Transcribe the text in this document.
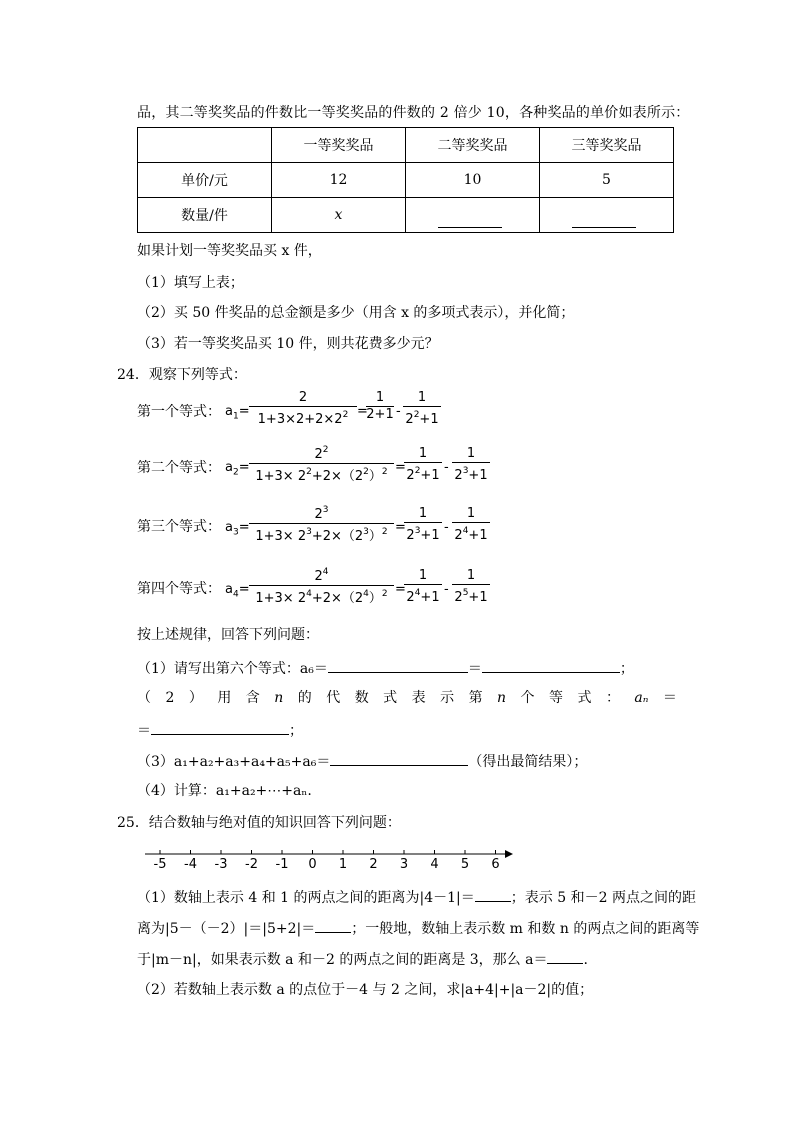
品，其二等奖奖品的件数比一等奖奖品的件数的 2 倍少 10，各种奖品的单价如表所示：
	一等奖奖品	二等奖奖品	三等奖奖品
单价/元	12	10	5
数量/件	x		
如果计划一等奖奖品买 x 件，
（1）填写上表；
（2）买 50 件奖品的总金额是多少（用含 x 的多项式表示），并化简；
（3）若一等奖奖品买 10 件，则共花费多少元？
24．观察下列等式：
第一个等式： $a_1=$
2
$1+3\times 2+2\times 2^2$ =
1
2+1 -
1
$2^2+1$
第二个等式： $a_2=$
$2^2$
$1+3\times 2^2+2\times(2^2)^2$ =
1
$2^2+1$
-
1
$2^3+1$
第三个等式： $a_3=$
$2^3$
$1+3\times 2^3+2\times(2^3)^2$ =
1
$2^3+1$
-
1
$2^4+1$
第四个等式： $a_4=$
$2^4$
$1+3\times 2^4+2\times(2^4)^2$ =
1
$2^4+1$
-
1
$2^5+1$
按上述规律，回答下列问题：
（1）请写出第六个等式：a₆＝	＝	；
（ 2 ） 用 含 n 的 代 数 式 表 示 第 n 个 等 式 ： aₙ ＝
＝	；
（3）a₁+a₂+a₃+a₄+a₅+a₆＝	（得出最简结果）；
（4）计算：a₁+a₂+⋯+aₙ.
25．结合数轴与绝对值的知识回答下列问题：
-5 -4 -3 -2 -1 0 1 2 3 4 5 6
（1）数轴上表示 4 和 1 的两点之间的距离为|4－1|＝	；表示 5 和－2 两点之间的距
离为|5－（－2）|＝|5+2|＝	；一般地，数轴上表示数 m 和数 n 的两点之间的距离等
于|m－n|，如果表示数 a 和－2 的两点之间的距离是 3，那么 a＝	.
（2）若数轴上表示数 a 的点位于－4 与 2 之间，求|a+4|+|a－2|的值；
